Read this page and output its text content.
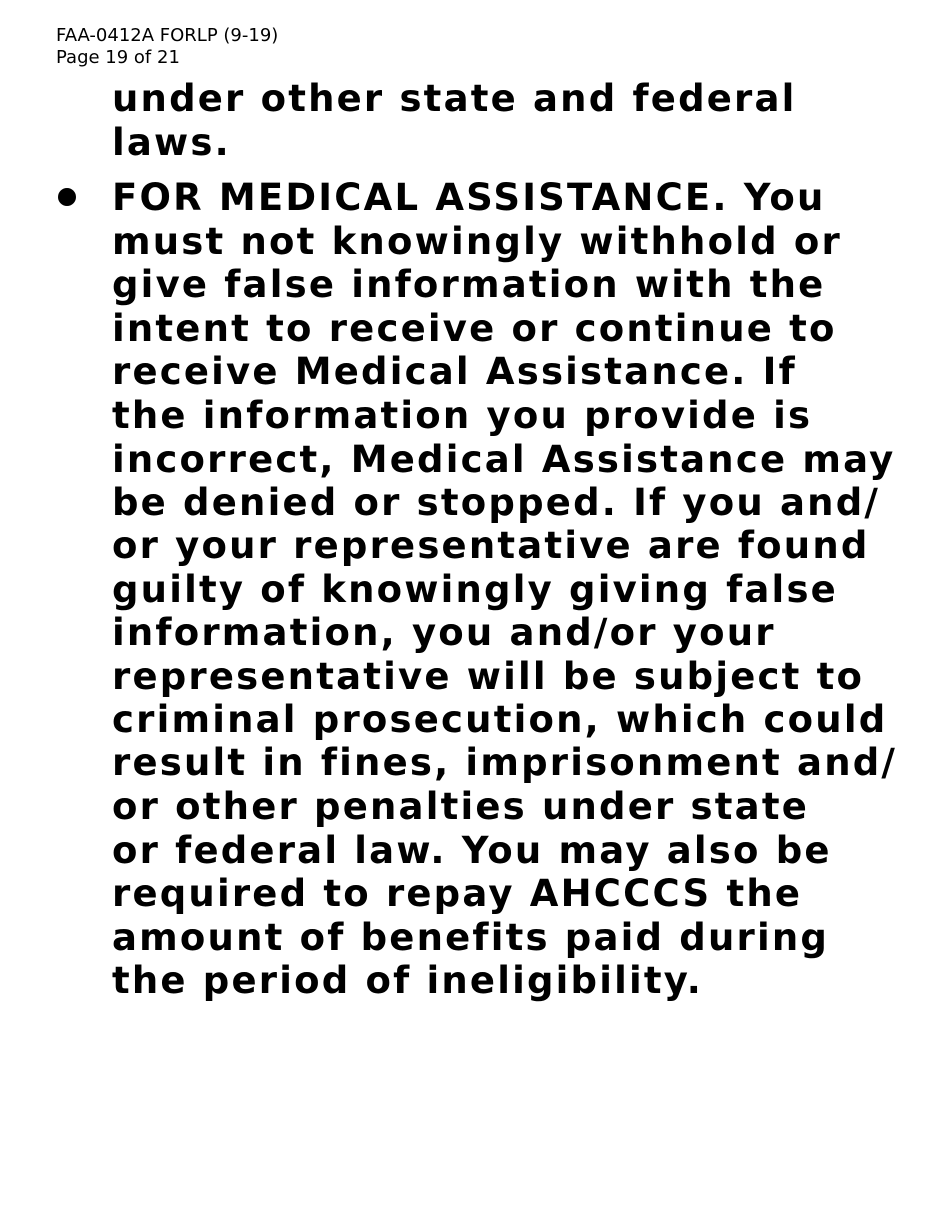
FAA-0412A FORLP (9-19)
Page 19 of 21

under other state and federal

laws.

FOR MEDICAL ASSISTANCE. You

must not knowingly withhold or

give false information with the

intent to receive or continue to

receive Medical Assistance. If

the information you provide is

incorrect, Medical Assistance may

be denied or stopped. If you and/

or your representative are found

guilty of knowingly giving false

information, you and/or your

representative will be subject to

criminal prosecution, which could

result in fines, imprisonment and/

or other penalties under state

or federal law. You may also be

required to repay AHCCCS the

amount of benefits paid during

the period of ineligibility.
